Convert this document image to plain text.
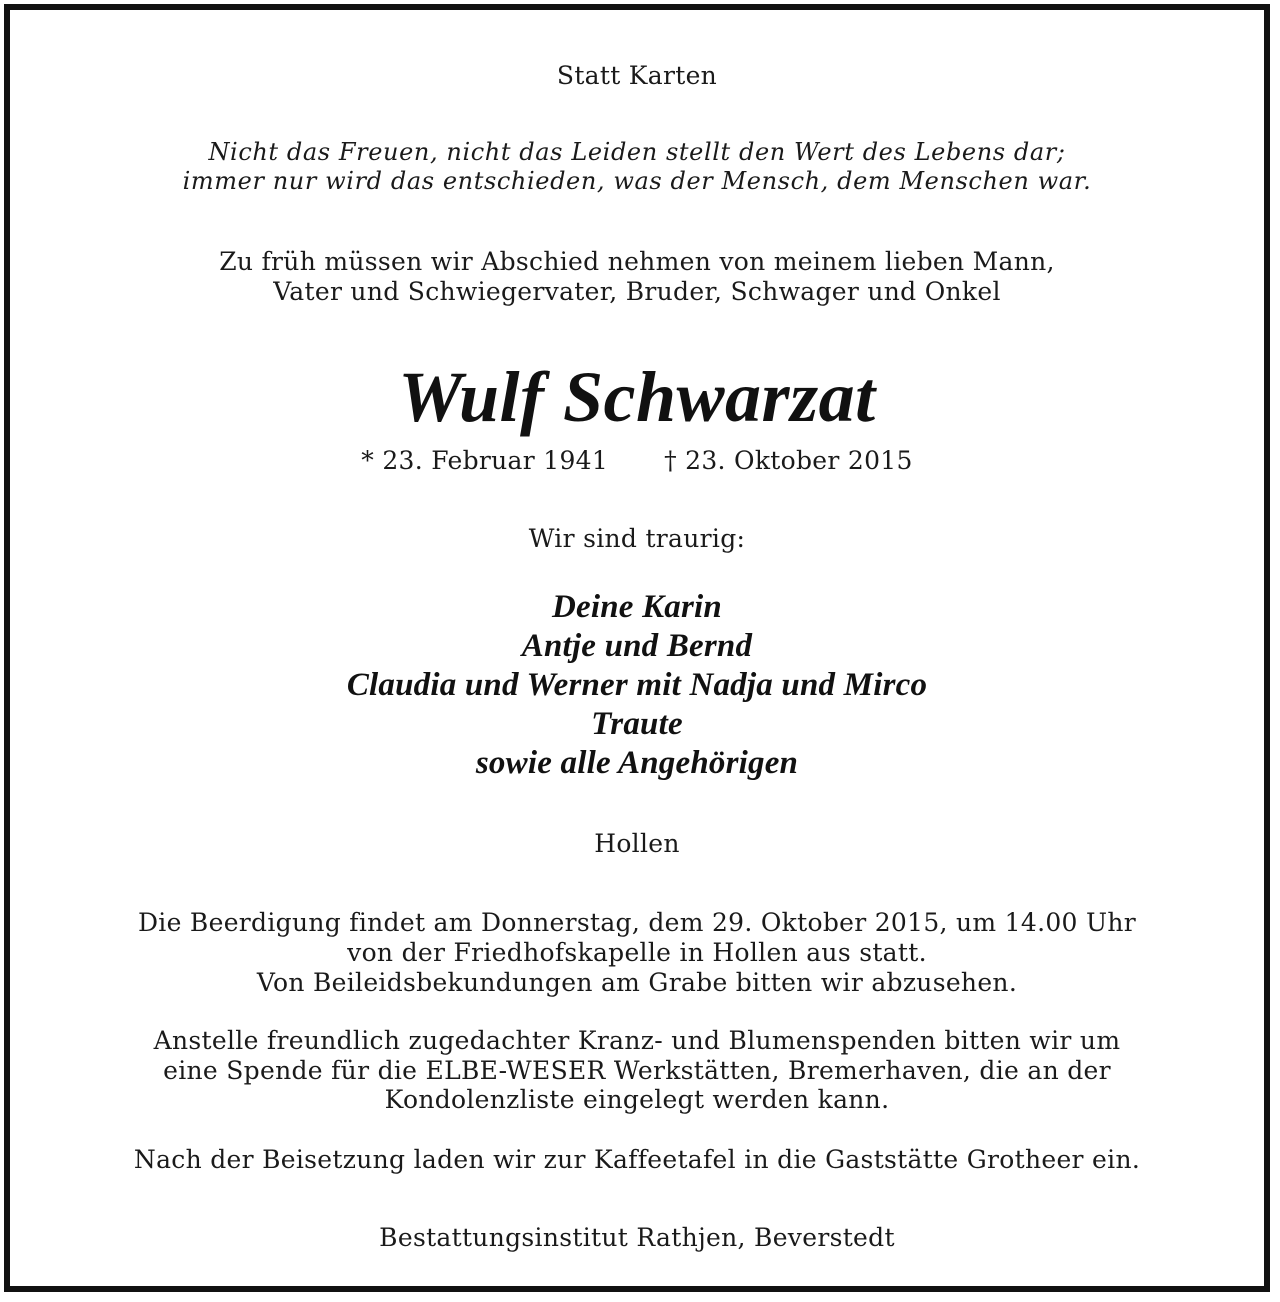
Statt Karten
Nicht das Freuen, nicht das Leiden stellt den Wert des Lebens dar;
immer nur wird das entschieden, was der Mensch, dem Menschen war.
Zu früh müssen wir Abschied nehmen von meinem lieben Mann,
Vater und Schwiegervater, Bruder, Schwager und Onkel
Wulf Schwarzat
* 23. Februar 1941 † 23. Oktober 2015
Wir sind traurig:
Deine Karin
Antje und Bernd
Claudia und Werner mit Nadja und Mirco
Traute
sowie alle Angehörigen
Hollen
Die Beerdigung findet am Donnerstag, dem 29. Oktober 2015, um 14.00 Uhr
von der Friedhofskapelle in Hollen aus statt.
Von Beileidsbekundungen am Grabe bitten wir abzusehen.
Anstelle freundlich zugedachter Kranz- und Blumenspenden bitten wir um
eine Spende für die ELBE-WESER Werkstätten, Bremerhaven, die an der
Kondolenzliste eingelegt werden kann.
Nach der Beisetzung laden wir zur Kaffeetafel in die Gaststätte Grotheer ein.
Bestattungsinstitut Rathjen, Beverstedt
